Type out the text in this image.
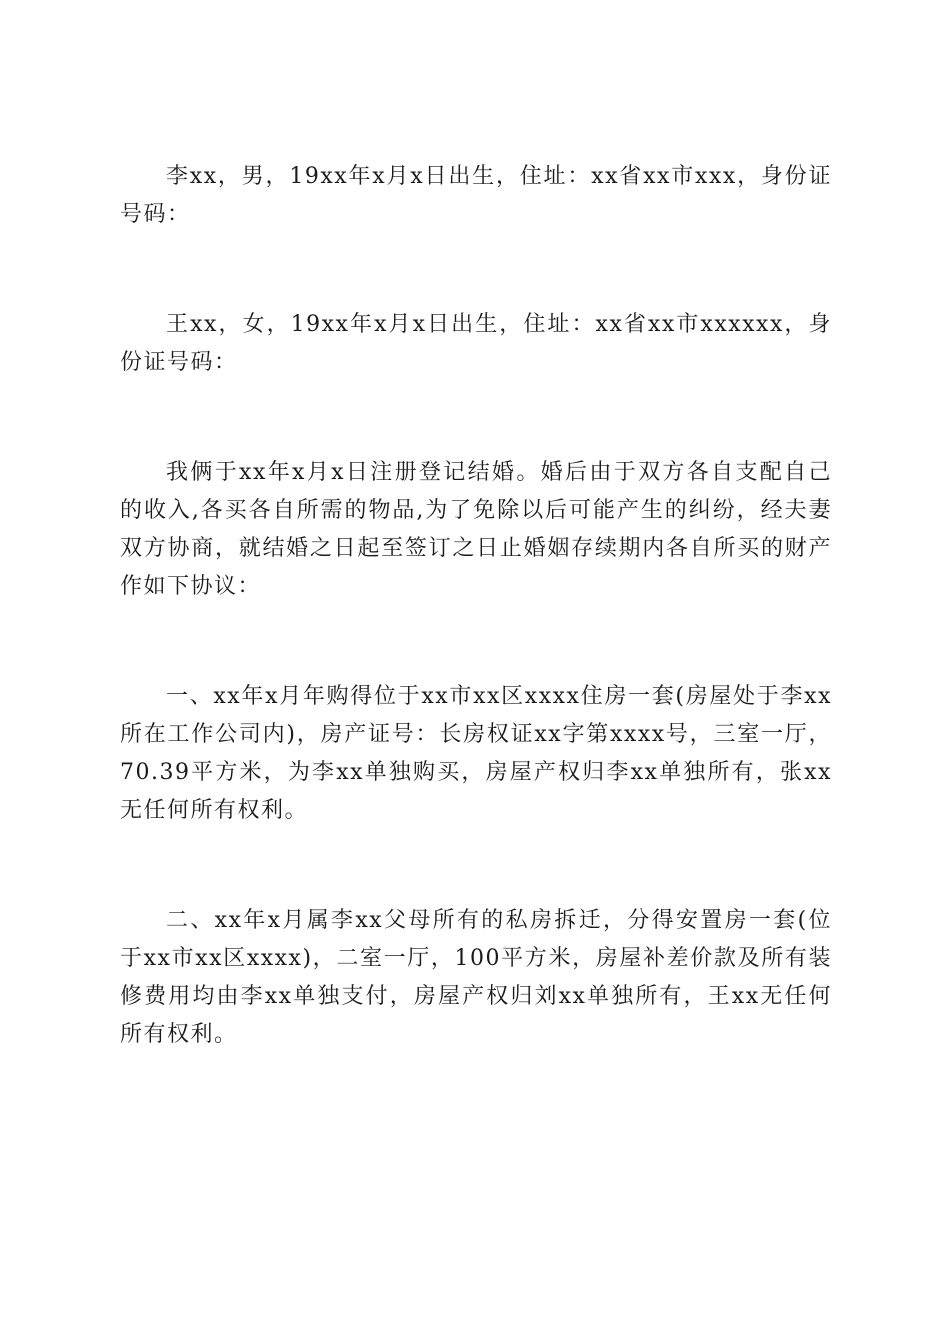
李xx，男，19xx年x月x日出生，住址：xx省xx市xxx，身份证号码：

王xx，女，19xx年x月x日出生，住址：xx省xx市xxxxxx，身份证号码：

我俩于xx年x月x日注册登记结婚。婚后由于双方各自支配自己的收入,各买各自所需的物品,为了免除以后可能产生的纠纷，经夫妻双方协商，就结婚之日起至签订之日止婚姻存续期内各自所买的财产作如下协议：

一、xx年x月年购得位于xx市xx区xxxx住房一套(房屋处于李xx所在工作公司内)，房产证号：长房权证xx字第xxxx号，三室一厅，70.39平方米，为李xx单独购买，房屋产权归李xx单独所有，张xx无任何所有权利。

二、xx年x月属李xx父母所有的私房拆迁，分得安置房一套(位于xx市xx区xxxx)，二室一厅，100平方米，房屋补差价款及所有装修费用均由李xx单独支付，房屋产权归刘xx单独所有，王xx无任何所有权利。
